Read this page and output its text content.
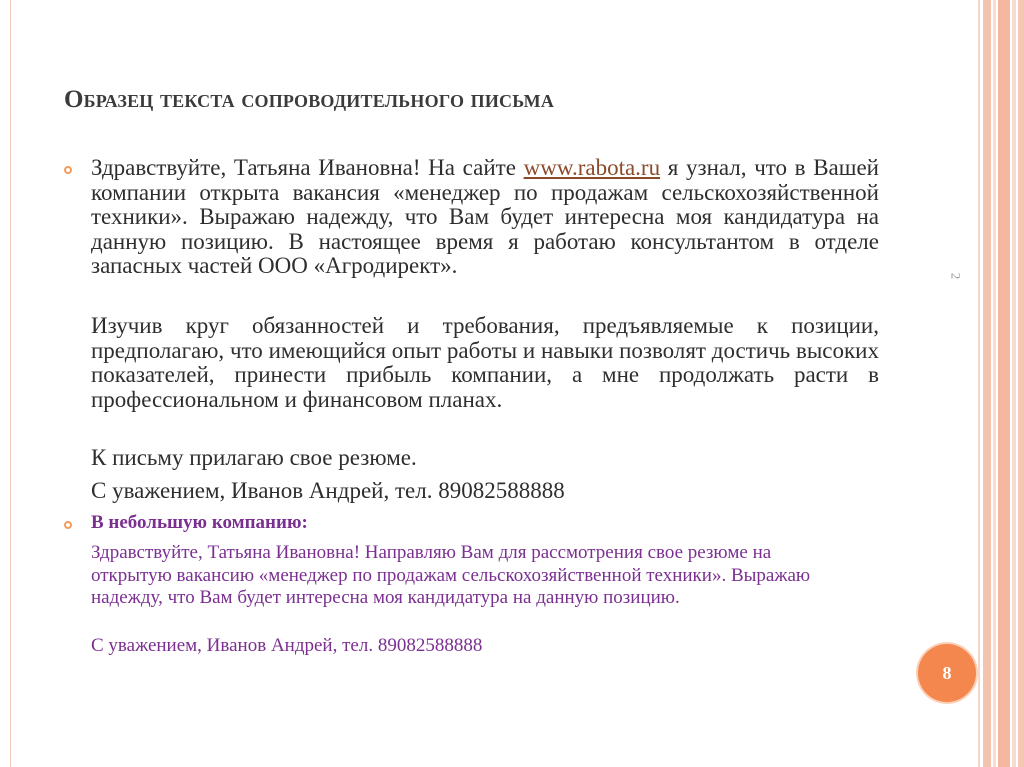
Образец текста сопроводительного письма
2

Здравствуйте, Татьяна Ивановна! На сайте www.rabota.ru я узнал, что в Вашей компании открыта вакансия «менеджер по продажам сельскохозяйственной техники». Выражаю надежду, что Вам будет интересна моя кандидатура на данную позицию. В настоящее время я работаю консультантом в отделе запасных частей ООО «Агродирект».

Изучив круг обязанностей и требования, предъявляемые к позиции, предполагаю, что имеющийся опыт работы и навыки позволят достичь высоких показателей, принести прибыль компании, а мне продолжать расти в профессиональном и финансовом планах.

К письму прилагаю свое резюме.

С уважением, Иванов Андрей, тел. 89082588888

В небольшую компанию:

Здравствуйте, Татьяна Ивановна! Направляю Вам для рассмотрения свое резюме на открытую вакансию «менеджер по продажам сельскохозяйственной техники». Выражаю надежду, что Вам будет интересна моя кандидатура на данную позицию.

С уважением, Иванов Андрей, тел. 89082588888

8
